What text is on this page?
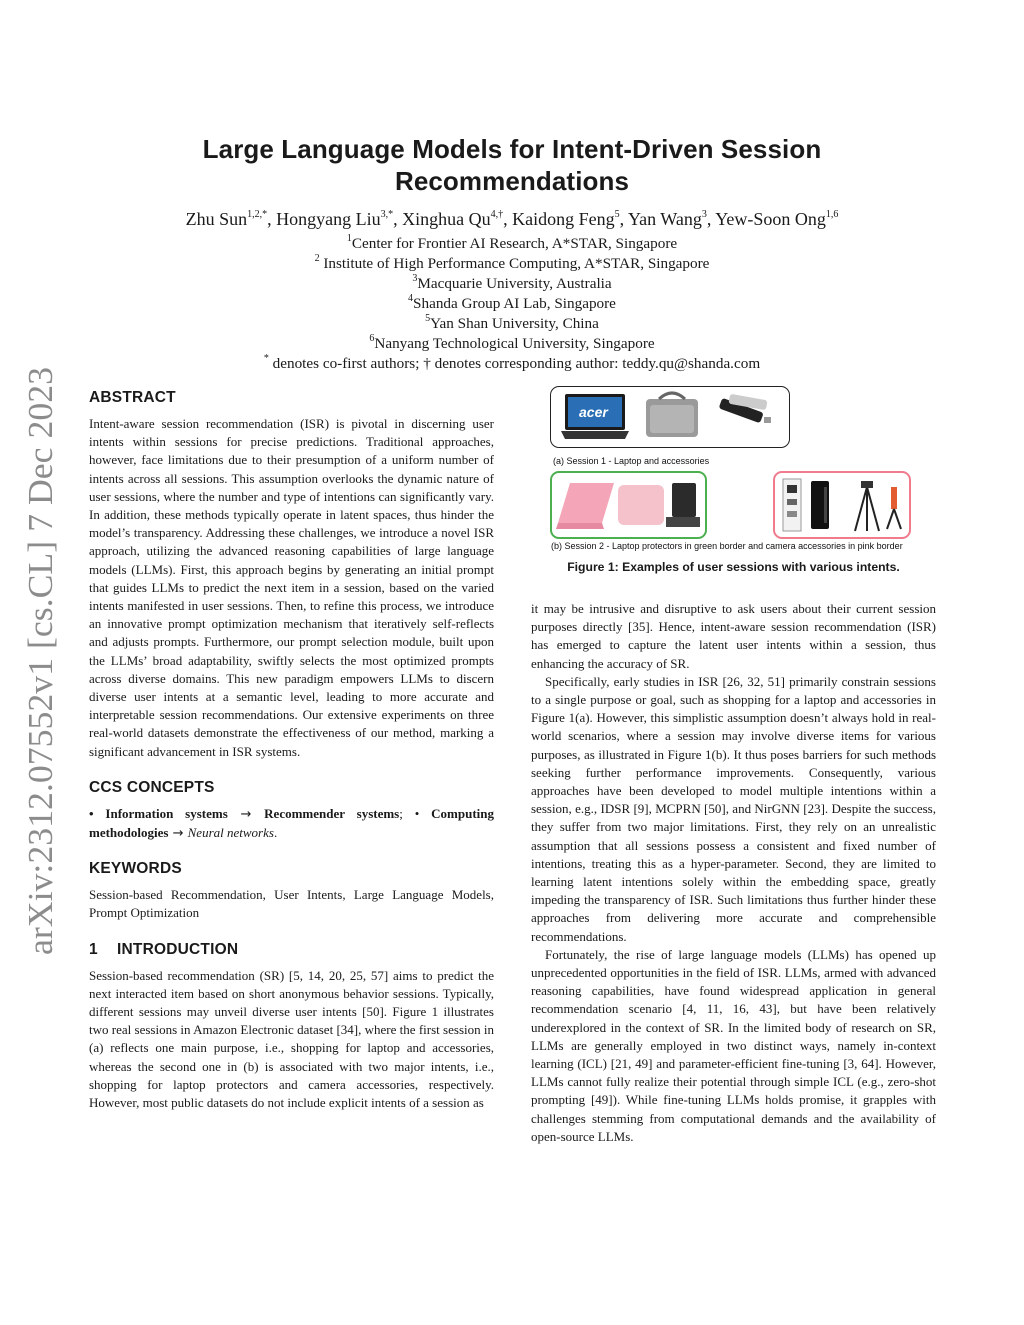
arXiv:2312.07552v1 [cs.CL] 7 Dec 2023
Large Language Models for Intent-Driven Session Recommendations
Zhu Sun$^{1,2,*}$, Hongyang Liu$^{3,*}$, Xinghua $Qu^{4,\dagger}$, Kaidong Feng$^5$, Yan Wang$^3$, Yew-Soon Ong$^{1,6}$
$^1$Center for Frontier AI Research, A*STAR, Singapore
$^2$ Institute of High Performance Computing, A*STAR, Singapore
$^3$Macquarie University, Australia
$^4$Shanda Group AI Lab, Singapore
$^5$Yan Shan University, China
$^6$Nanyang Technological University, Singapore
* denotes co-first authors; † denotes corresponding author: teddy.qu@shanda.com
ABSTRACT

Intent-aware session recommendation (ISR) is pivotal in discerning user intents within sessions for precise predictions. Traditional approaches, however, face limitations due to their presumption of a uniform number of intents across all sessions. This assumption overlooks the dynamic nature of user sessions, where the number and type of intentions can significantly vary. In addition, these methods typically operate in latent spaces, thus hinder the model’s transparency. Addressing these challenges, we introduce a novel ISR approach, utilizing the advanced reasoning capabilities of large language models (LLMs). First, this approach begins by generating an initial prompt that guides LLMs to predict the next item in a session, based on the varied intents manifested in user sessions. Then, to refine this process, we introduce an innovative prompt optimization mechanism that iteratively self-reflects and adjusts prompts. Furthermore, our prompt selection module, built upon the LLMs’ broad adaptability, swiftly selects the most optimized prompts across diverse domains. This new paradigm empowers LLMs to discern diverse user intents at a semantic level, leading to more accurate and interpretable session recommendations. Our extensive experiments on three real-world datasets demonstrate the effectiveness of our method, marking a significant advancement in ISR systems.

CCS CONCEPTS

• Information systems → Recommender systems; • Computing methodologies → Neural networks.

KEYWORDS

Session-based Recommendation, User Intents, Large Language Models, Prompt Optimization

1 INTRODUCTION

Session-based recommendation (SR) [5, 14, 20, 25, 57] aims to predict the next interacted item based on short anonymous behavior sessions. Typically, different sessions may unveil diverse user intents [50]. Figure 1 illustrates two real sessions in Amazon Electronic dataset [34], where the first session in (a) reflects one main purpose, i.e., shopping for laptop and accessories, whereas the second one in (b) is associated with two major intents, i.e., shopping for laptop protectors and camera accessories, respectively. However, most public datasets do not include explicit intents of a session as

acer
(a) Session 1 - Laptop and accessories
(b) Session 2 - Laptop protectors in green border and camera accessories in pink border

Figure 1: Examples of user sessions with various intents.

it may be intrusive and disruptive to ask users about their current session purposes directly [35]. Hence, intent-aware session recommendation (ISR) has emerged to capture the latent user intents within a session, thus enhancing the accuracy of SR.

Specifically, early studies in ISR [26, 32, 51] primarily constrain sessions to a single purpose or goal, such as shopping for a laptop and accessories in Figure 1(a). However, this simplistic assumption doesn’t always hold in real-world scenarios, where a session may involve diverse items for various purposes, as illustrated in Figure 1(b). It thus poses barriers for such methods seeking further performance improvements. Consequently, various approaches have been developed to model multiple intentions within a session, e.g., IDSR [9], MCPRN [50], and NirGNN [23]. Despite the success, they suffer from two major limitations. First, they rely on an unrealistic assumption that all sessions possess a consistent and fixed number of intentions, treating this as a hyper-parameter. Second, they are limited to learning latent intentions solely within the embedding space, greatly impeding the transparency of ISR. Such limitations thus further hinder these approaches from delivering more accurate and comprehensible recommendations.

Fortunately, the rise of large language models (LLMs) has opened up unprecedented opportunities in the field of ISR. LLMs, armed with advanced reasoning capabilities, have found widespread application in general recommendation scenario [4, 11, 16, 43], but have been relatively underexplored in the context of SR. In the limited body of research on SR, LLMs are generally employed in two distinct ways, namely in-context learning (ICL) [21, 49] and parameter-efficient fine-tuning [3, 64]. However, LLMs cannot fully realize their potential through simple ICL (e.g., zero-shot prompting [49]). While fine-tuning LLMs holds promise, it grapples with challenges stemming from computational demands and the availability of open-source LLMs.
